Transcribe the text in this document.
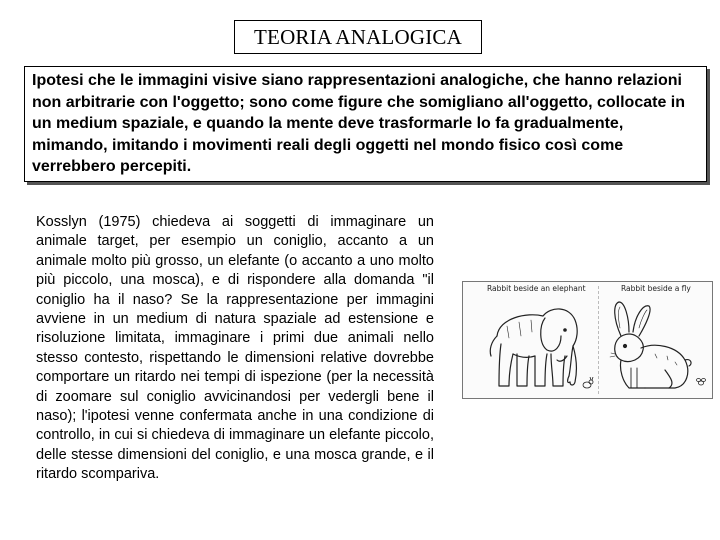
TEORIA ANALOGICA

Ipotesi che le immagini visive siano rappresentazioni analogiche, che hanno relazioni non arbitrarie con l'oggetto; sono come figure che somigliano all'oggetto, collocate in un medium spaziale, e quando la mente deve trasformarle lo fa gradualmente, mimando, imitando i movimenti reali degli oggetti nel mondo fisico così come verrebbero percepiti.

Kosslyn (1975) chiedeva ai soggetti di immaginare un animale target, per esempio un coniglio, accanto a un animale molto più grosso, un elefante (o accanto a uno molto più piccolo, una mosca), e di rispondere alla domanda "il coniglio ha il naso? Se la rappresentazione per immagini avviene in un medium di natura spaziale ad estensione e risoluzione limitata, immaginare i primi due animali nello stesso contesto, rispettando le dimensioni relative dovrebbe comportare un ritardo nei tempi di ispezione (per la necessità di zoomare sul coniglio avvicinandosi per vedergli bene il naso); l'ipotesi venne confermata anche in una condizione di controllo, in cui si chiedeva di immaginare un elefante piccolo, delle stesse dimensioni del coniglio, e una mosca grande, e il ritardo scompariva.

Rabbit beside an elephant	Rabbit beside a fly
